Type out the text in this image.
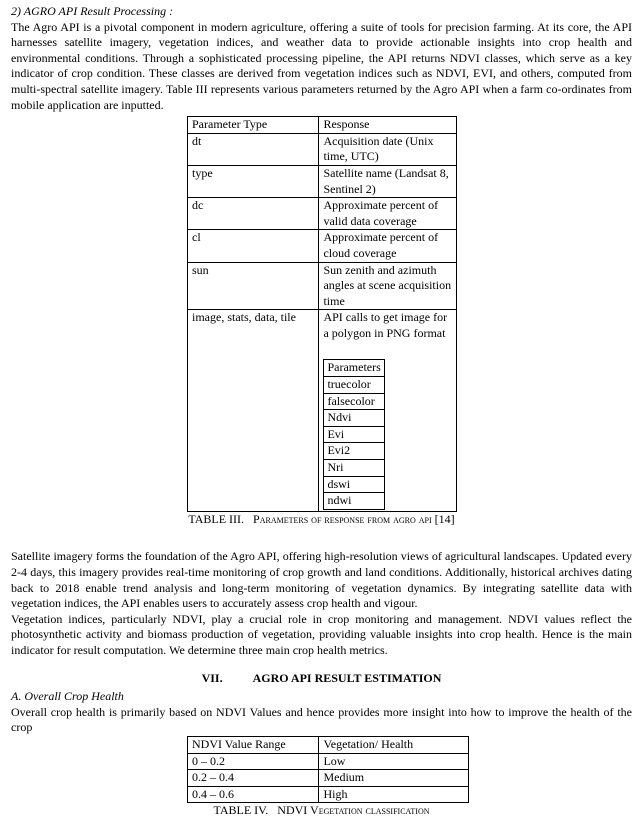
2) AGRO API Result Processing :

The Agro API is a pivotal component in modern agriculture, offering a suite of tools for precision farming. At its core, the API harnesses satellite imagery, vegetation indices, and weather data to provide actionable insights into crop health and environmental conditions. Through a sophisticated processing pipeline, the API returns NDVI classes, which serve as a key indicator of crop condition. These classes are derived from vegetation indices such as NDVI, EVI, and others, computed from multi-spectral satellite imagery. Table III represents various parameters returned by the Agro API when a farm co-ordinates from mobile application are inputted.

Parameter Type	Response
dt	Acquisition date (Unix time, UTC)
type	Satellite name (Landsat 8, Sentinel 2)
dc	Approximate percent of valid data coverage
cl	Approximate percent of cloud coverage
sun	Sun zenith and azimuth angles at scene acquisition time
image, stats, data, tile	API calls to get image for a polygon in PNG format
Parameters
truecolor
falsecolor
Ndvi
Evi
Evi2
Nri
dswi
ndwi

TABLE III. Parameters of response from agro api [14]

Satellite imagery forms the foundation of the Agro API, offering high-resolution views of agricultural landscapes. Updated every 2-4 days, this imagery provides real-time monitoring of crop growth and land conditions. Additionally, historical archives dating back to 2018 enable trend analysis and long-term monitoring of vegetation dynamics. By integrating satellite data with vegetation indices, the API enables users to accurately assess crop health and vigour.

Vegetation indices, particularly NDVI, play a crucial role in crop monitoring and management. NDVI values reflect the photosynthetic activity and biomass production of vegetation, providing valuable insights into crop health. Hence is the main indicator for result computation. We determine three main crop health metrics.

VII.	AGRO API RESULT ESTIMATION

A. Overall Crop Health

Overall crop health is primarily based on NDVI Values and hence provides more insight into how to improve the health of the crop

NDVI Value Range	Vegetation/ Health
0 – 0.2	Low
0.2 – 0.4	Medium
0.4 – 0.6	High

TABLE IV. NDVI Vegetation classification
